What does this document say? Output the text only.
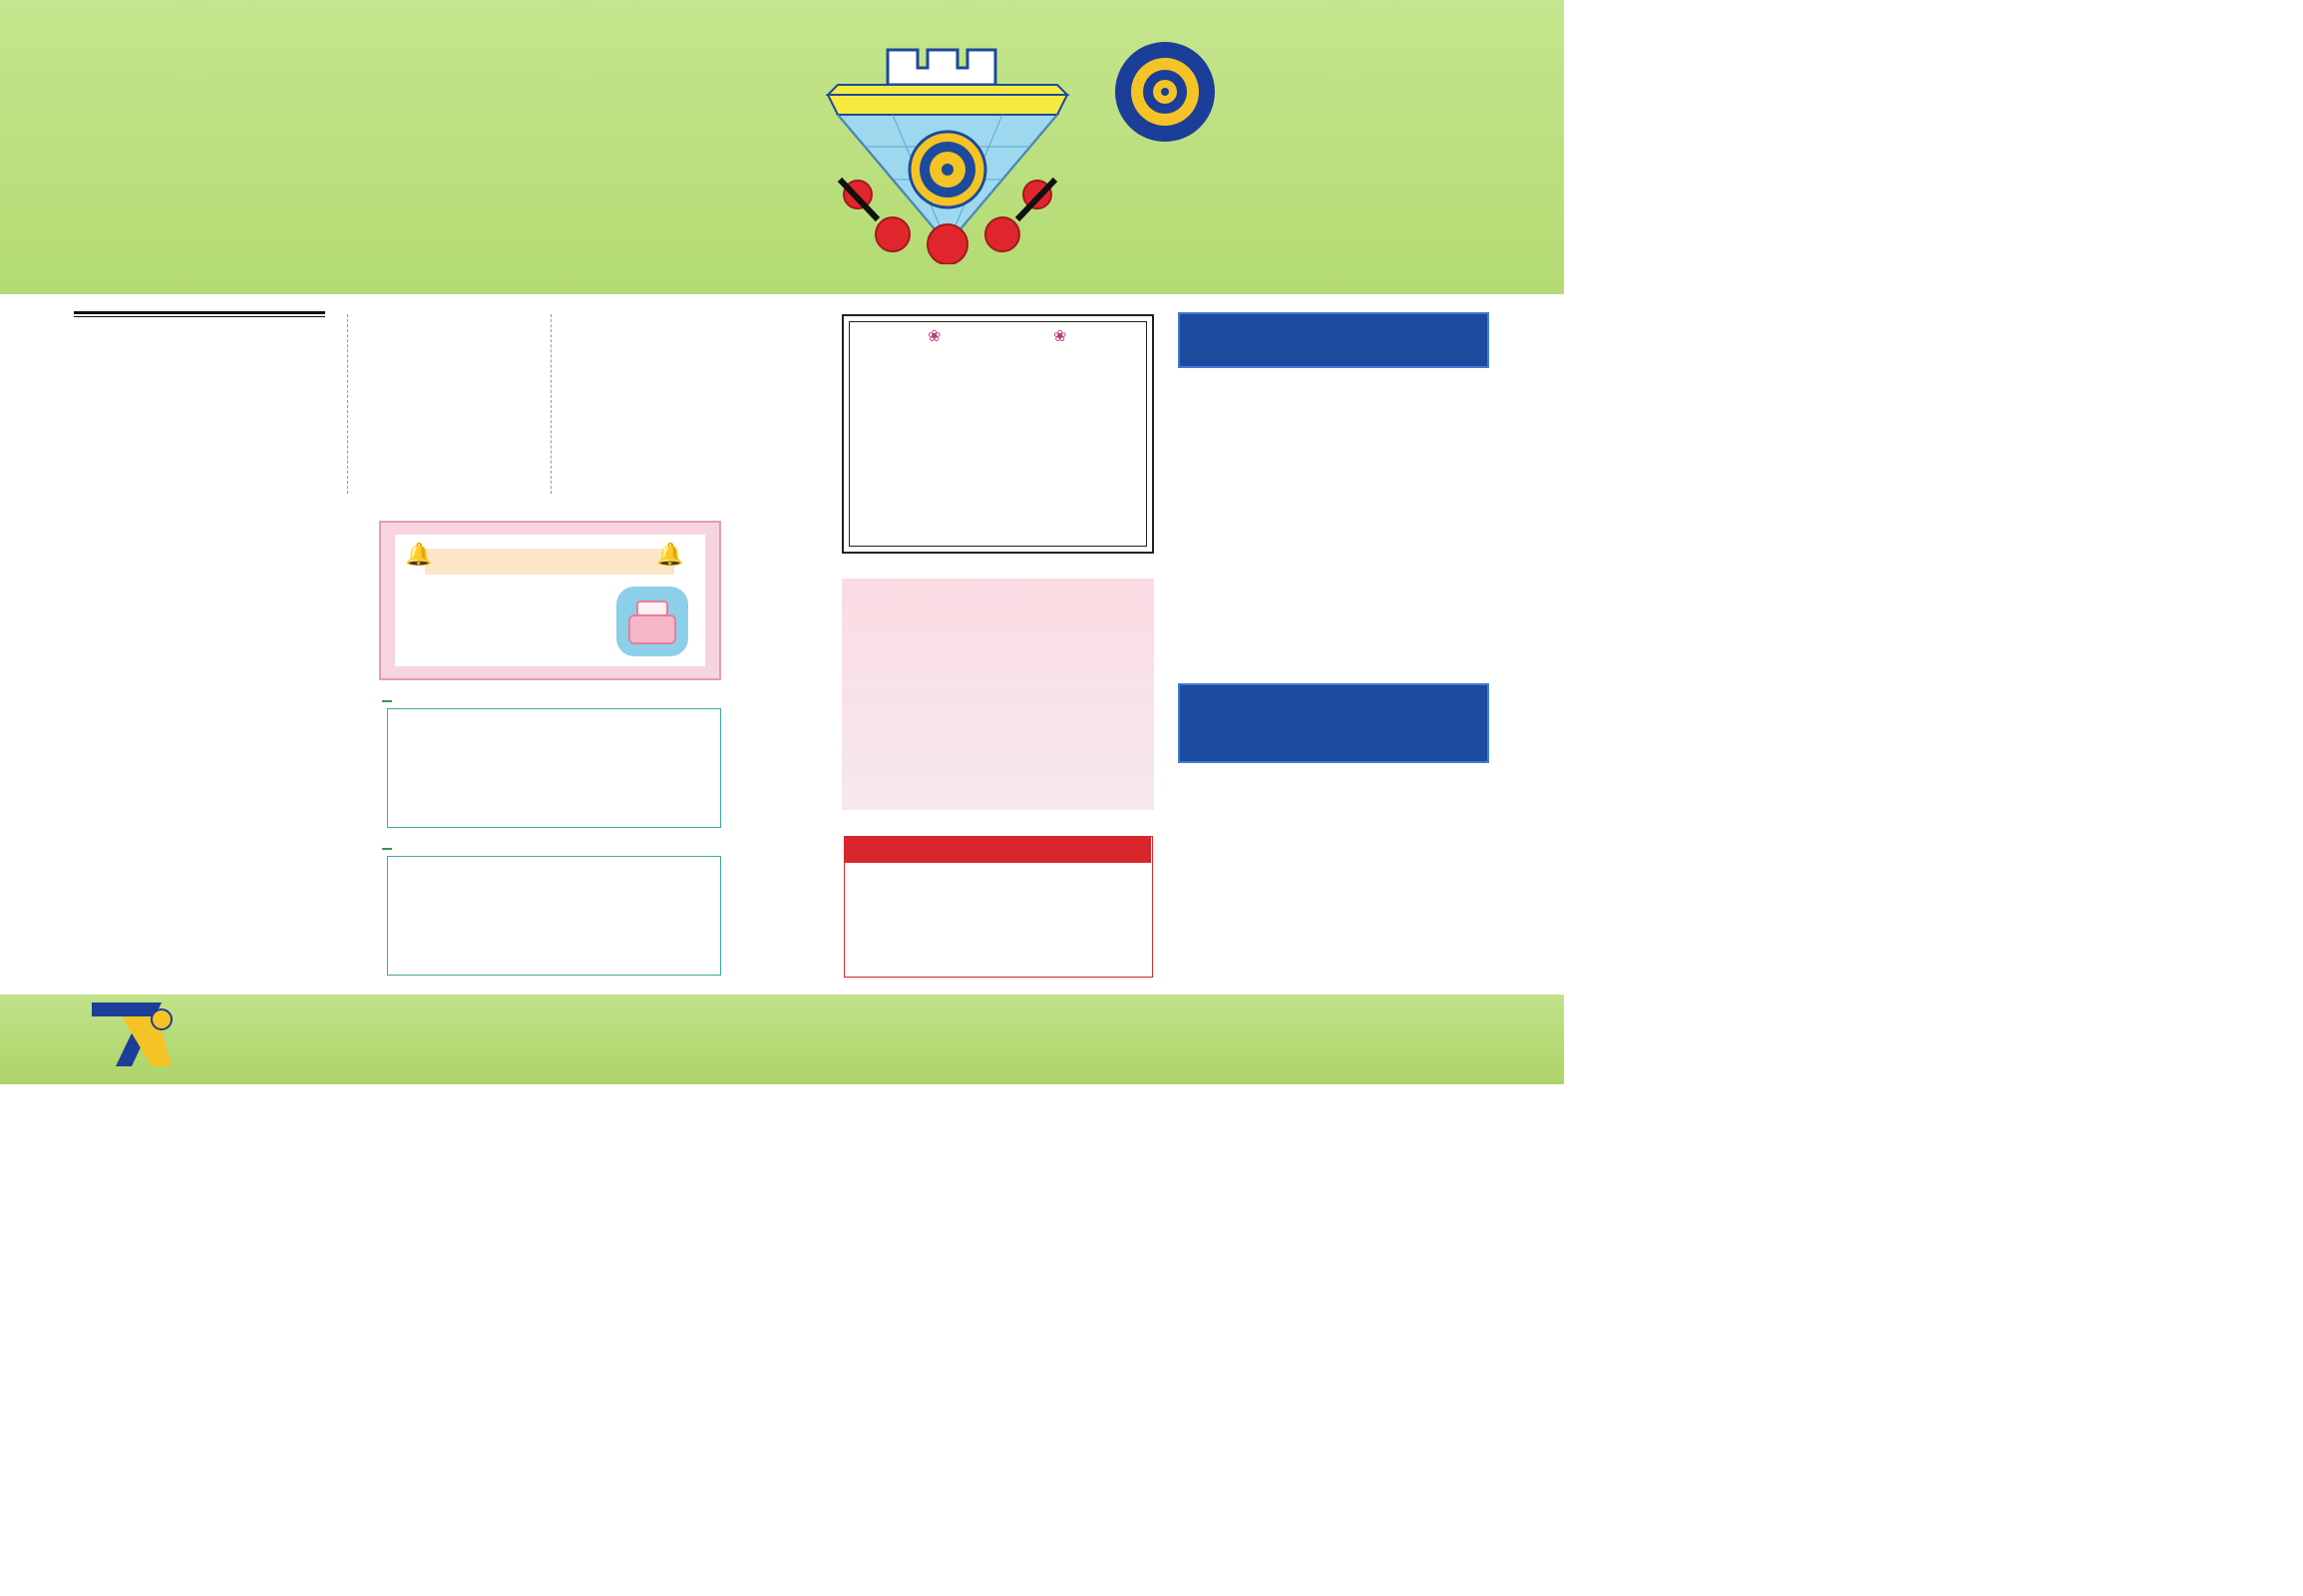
🔔	🔔
❀	❀
